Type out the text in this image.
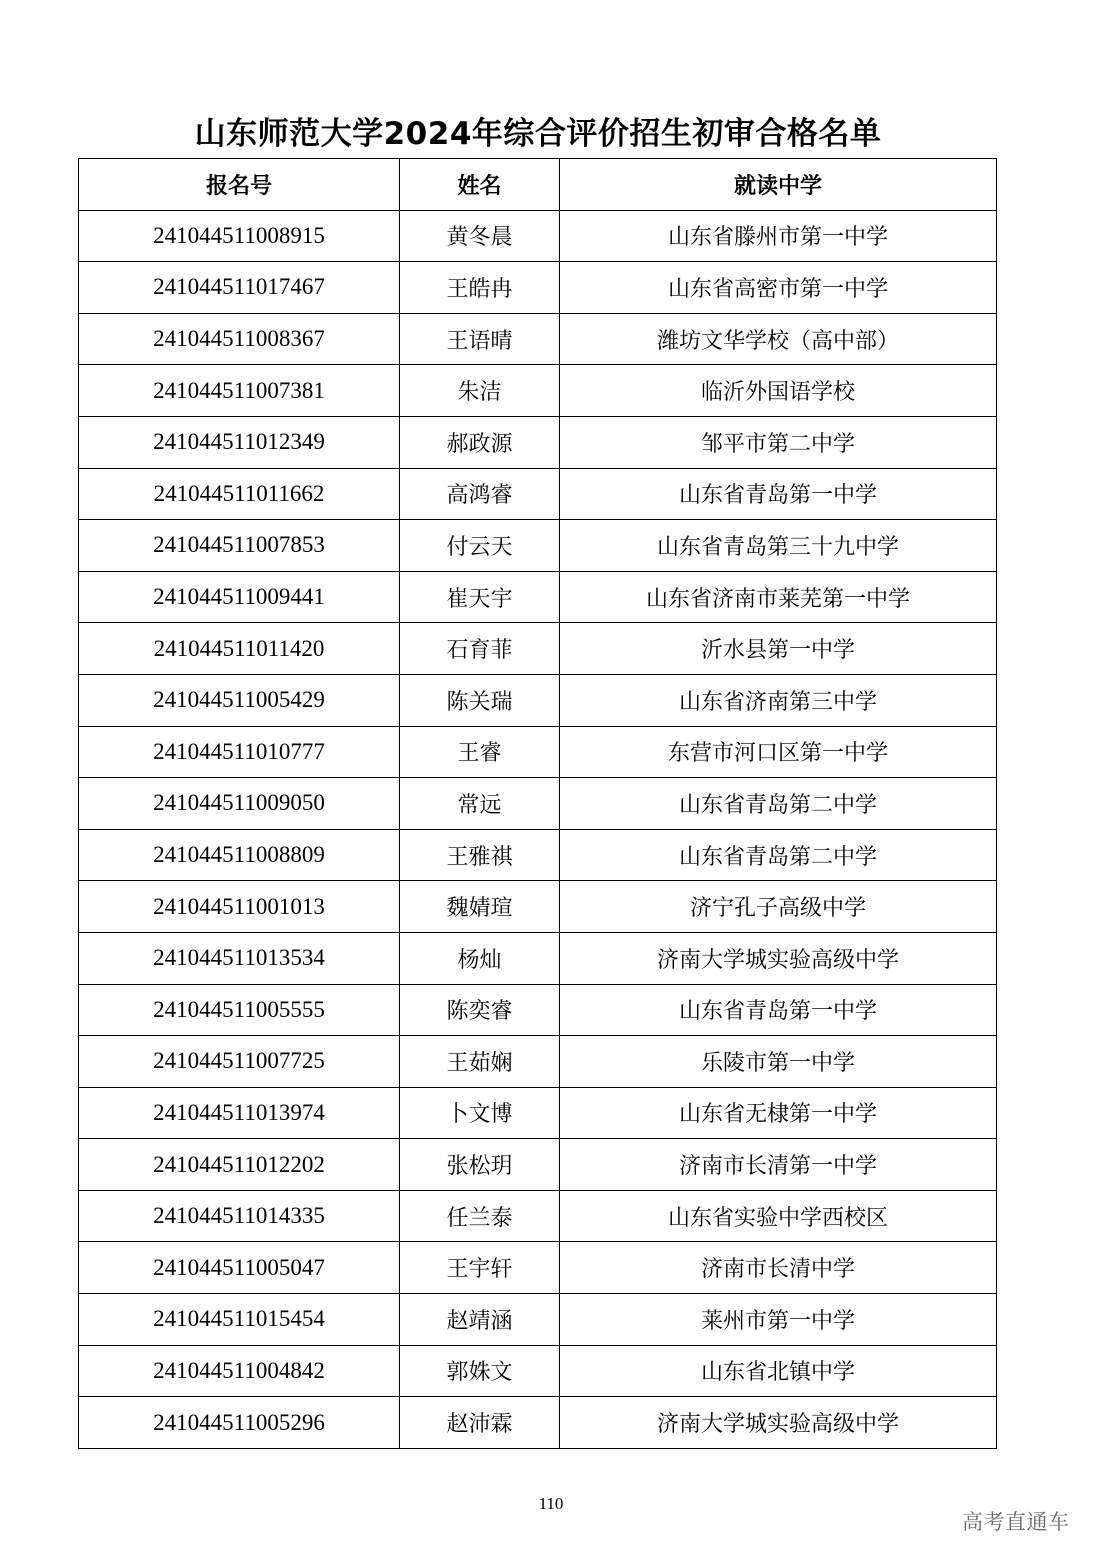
山东师范大学2024年综合评价招生初审合格名单
报名号	姓名	就读中学
241044511008915	黄冬晨	山东省滕州市第一中学
241044511017467	王皓冉	山东省高密市第一中学
241044511008367	王语晴	潍坊文华学校（高中部）
241044511007381	朱洁	临沂外国语学校
241044511012349	郝政源	邹平市第二中学
241044511011662	高鸿睿	山东省青岛第一中学
241044511007853	付云天	山东省青岛第三十九中学
241044511009441	崔天宇	山东省济南市莱芜第一中学
241044511011420	石育菲	沂水县第一中学
241044511005429	陈关瑞	山东省济南第三中学
241044511010777	王睿	东营市河口区第一中学
241044511009050	常远	山东省青岛第二中学
241044511008809	王雅祺	山东省青岛第二中学
241044511001013	魏婧瑄	济宁孔子高级中学
241044511013534	杨灿	济南大学城实验高级中学
241044511005555	陈奕睿	山东省青岛第一中学
241044511007725	王茹娴	乐陵市第一中学
241044511013974	卜文博	山东省无棣第一中学
241044511012202	张松玥	济南市长清第一中学
241044511014335	任兰泰	山东省实验中学西校区
241044511005047	王宇轩	济南市长清中学
241044511015454	赵靖涵	莱州市第一中学
241044511004842	郭姝文	山东省北镇中学
241044511005296	赵沛霖	济南大学城实验高级中学
110
高考直通车
